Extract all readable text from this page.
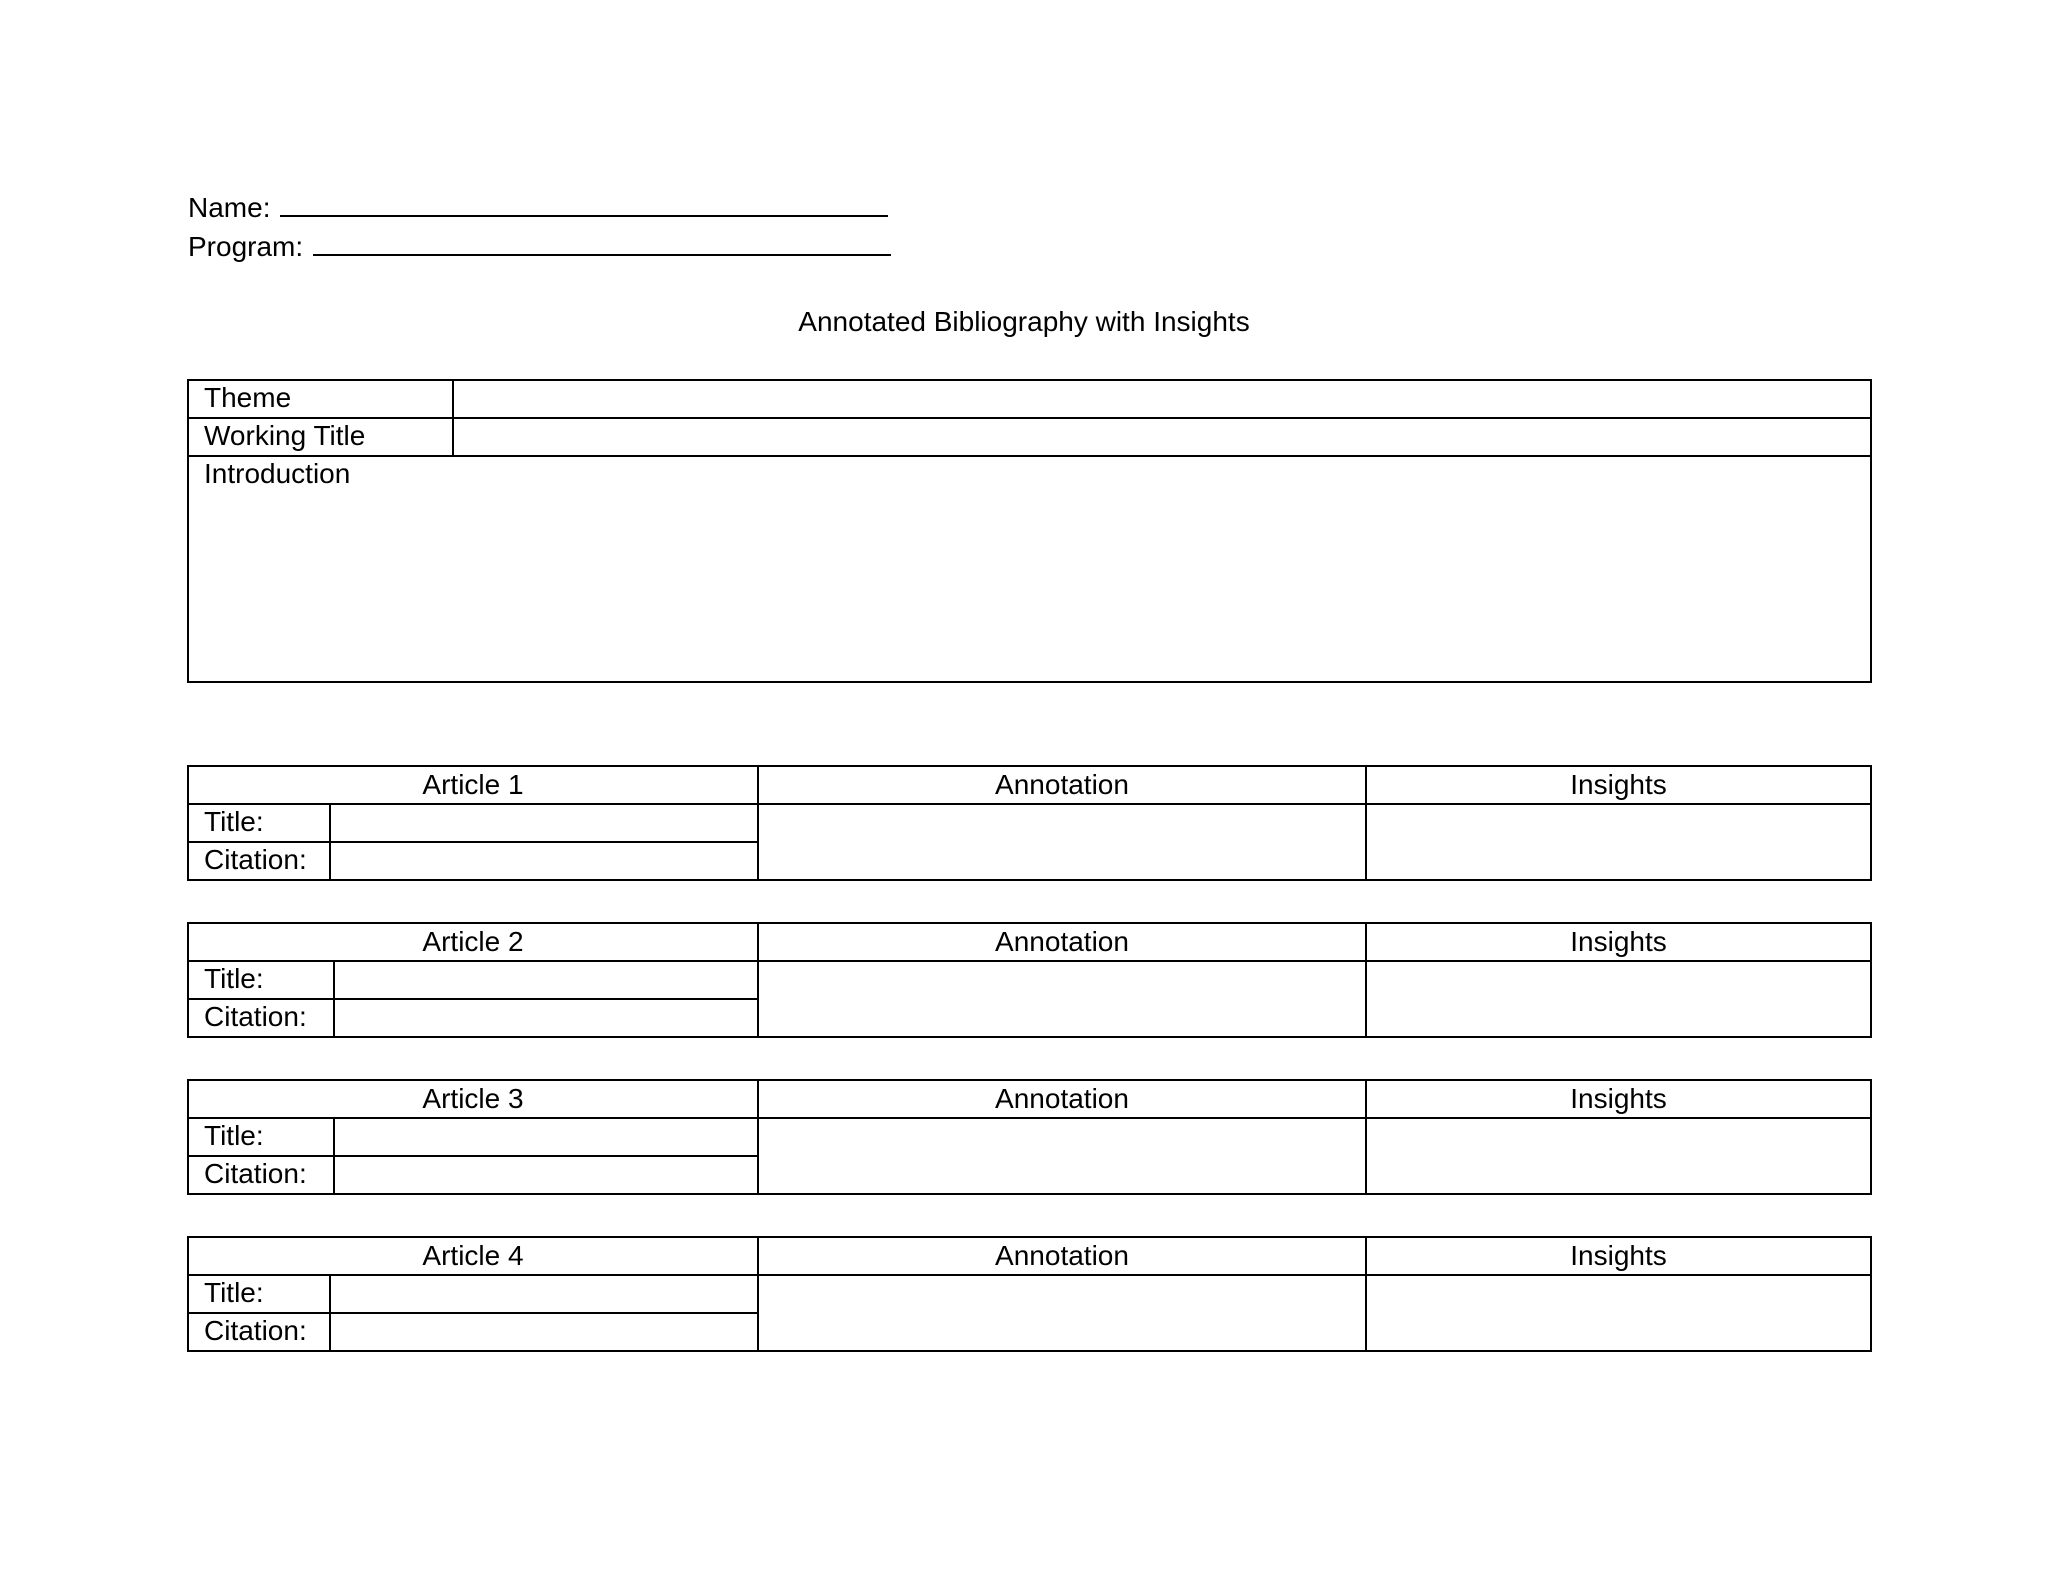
Name:
Program:
Annotated Bibliography with Insights
Theme	
Working Title	
Introduction	
Article 1		Annotation	Insights
Title:			
Citation:			
Article 2		Annotation	Insights
Title:			
Citation:			
Article 3		Annotation	Insights
Title:			
Citation:			
Article 4		Annotation	Insights
Title:			
Citation:			
